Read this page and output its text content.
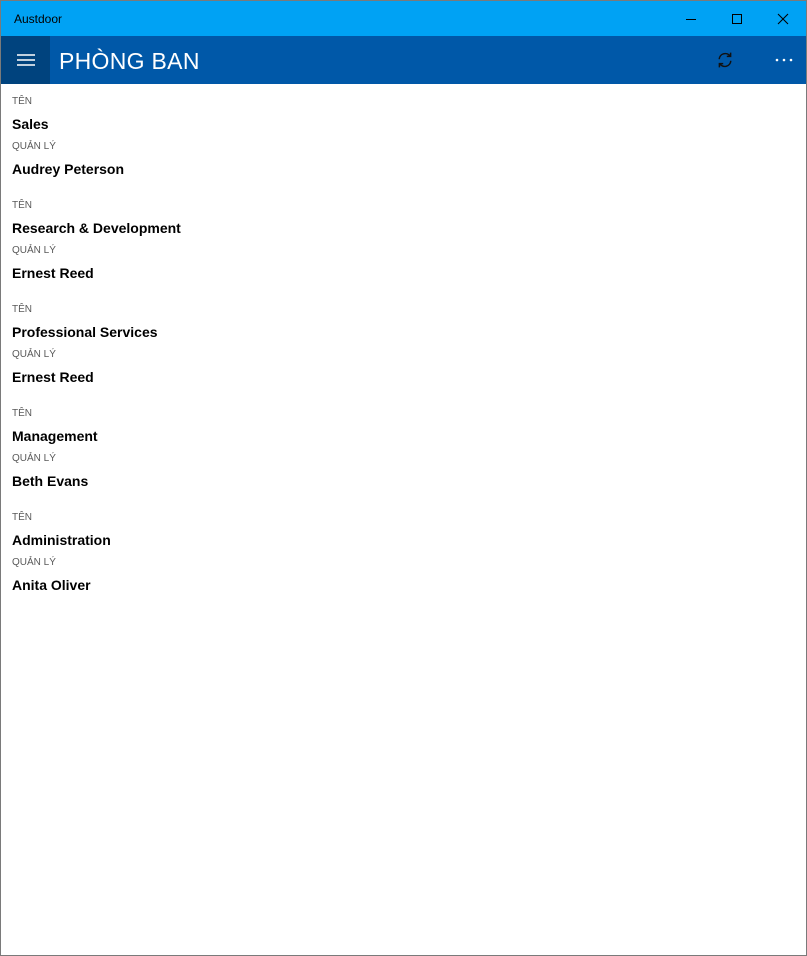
Austdoor
PHÒNG BAN
TÊN
Sales
QUẢN LÝ
Audrey Peterson
TÊN
Research & Development
QUẢN LÝ
Ernest Reed
TÊN
Professional Services
QUẢN LÝ
Ernest Reed
TÊN
Management
QUẢN LÝ
Beth Evans
TÊN
Administration
QUẢN LÝ
Anita Oliver
